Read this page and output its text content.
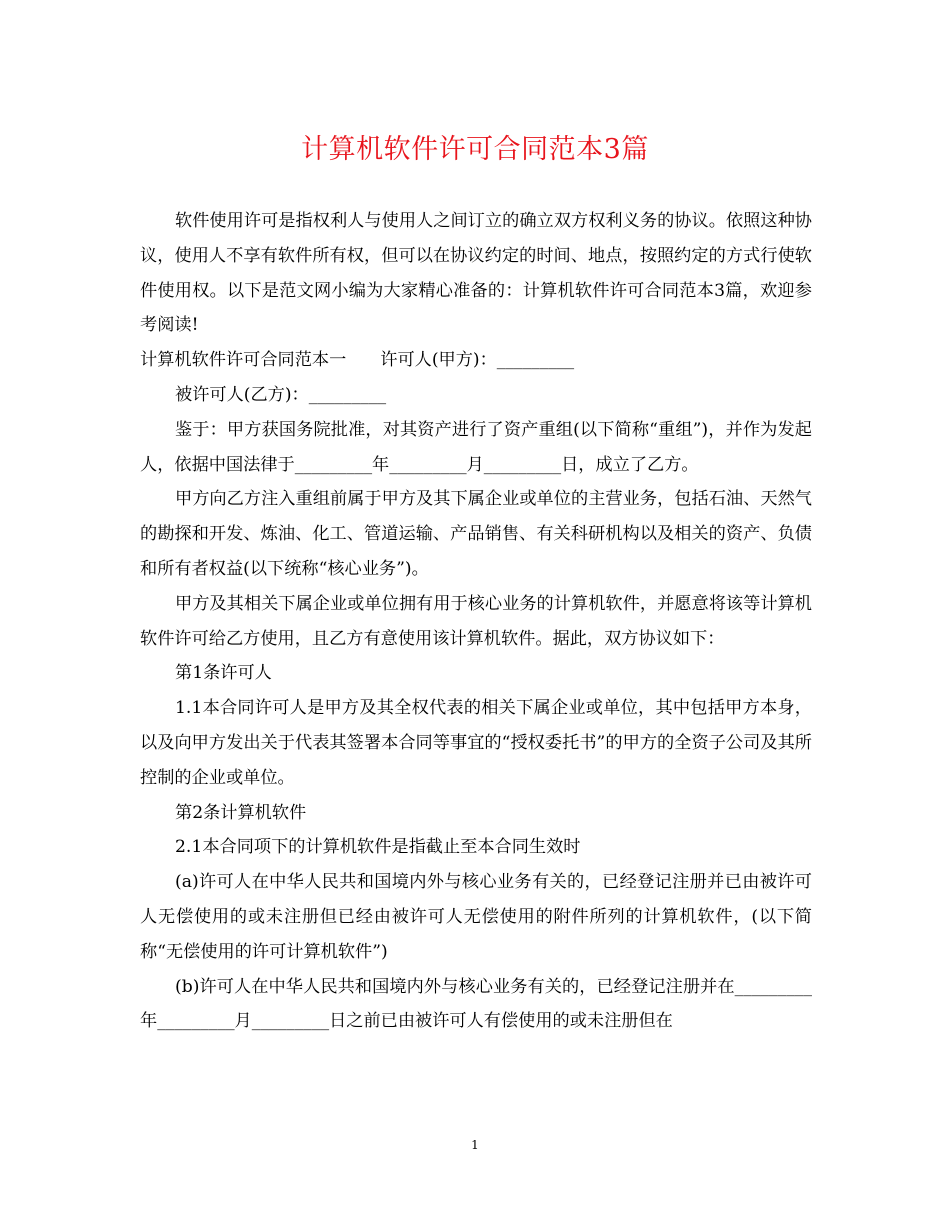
计算机软件许可合同范本3篇

软件使用许可是指权利人与使用人之间订立的确立双方权利义务的协议。依照这种协议，使用人不享有软件所有权，但可以在协议约定的时间、地点，按照约定的方式行使软件使用权。以下是范文网小编为大家精心准备的：计算机软件许可合同范本3篇，欢迎参考阅读!

计算机软件许可合同范本一 许可人(甲方)：_________

被许可人(乙方)：_________

鉴于：甲方获国务院批准，对其资产进行了资产重组(以下简称“重组”)，并作为发起人，依据中国法律于_________年_________月_________日，成立了乙方。

甲方向乙方注入重组前属于甲方及其下属企业或单位的主营业务，包括石油、天然气的勘探和开发、炼油、化工、管道运输、产品销售、有关科研机构以及相关的资产、负债和所有者权益(以下统称“核心业务”)。

甲方及其相关下属企业或单位拥有用于核心业务的计算机软件，并愿意将该等计算机软件许可给乙方使用，且乙方有意使用该计算机软件。据此，双方协议如下：

第1条许可人

1.1本合同许可人是甲方及其全权代表的相关下属企业或单位，其中包括甲方本身，以及向甲方发出关于代表其签署本合同等事宜的“授权委托书”的甲方的全资子公司及其所控制的企业或单位。

第2条计算机软件

2.1本合同项下的计算机软件是指截止至本合同生效时

(a)许可人在中华人民共和国境内外与核心业务有关的，已经登记注册并已由被许可人无偿使用的或未注册但已经由被许可人无偿使用的附件所列的计算机软件，(以下简称“无偿使用的许可计算机软件”)

(b)许可人在中华人民共和国境内外与核心业务有关的，已经登记注册并在_________年_________月_________日之前已由被许可人有偿使用的或未注册但在

1
